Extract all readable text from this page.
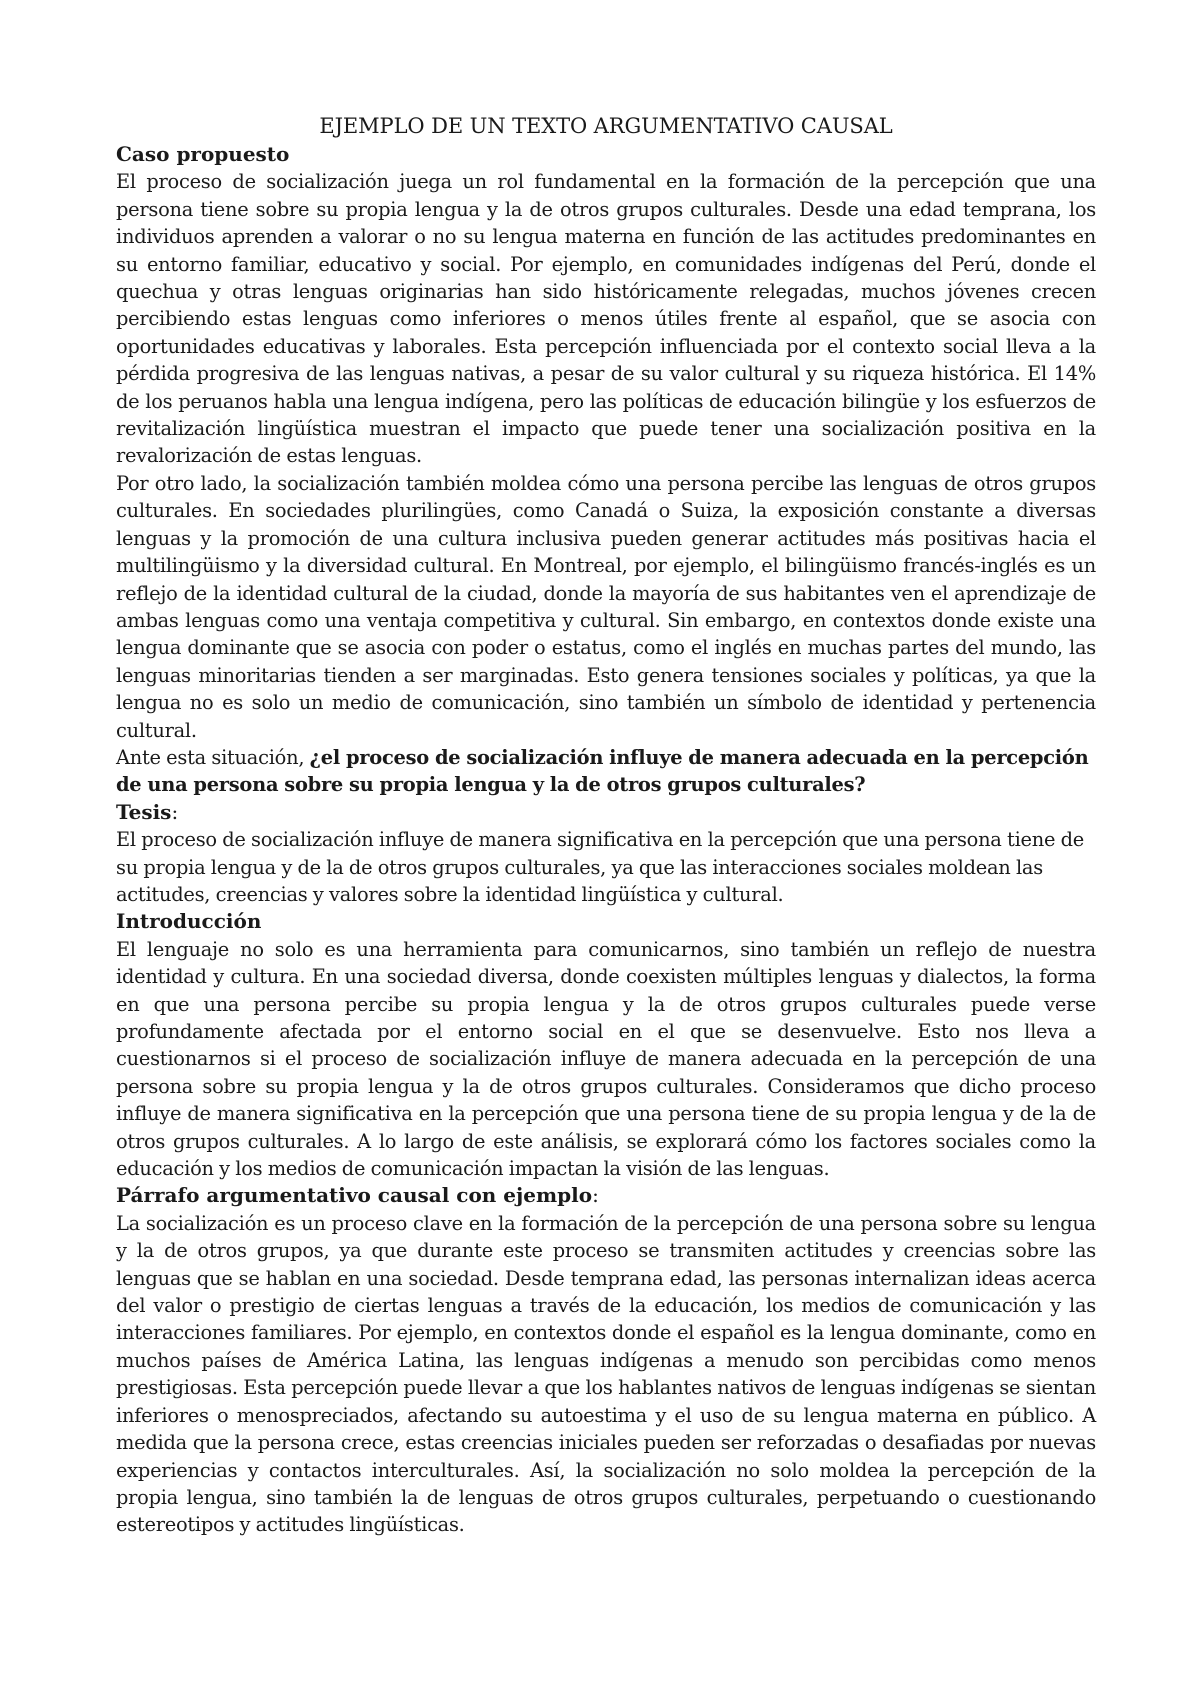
EJEMPLO DE UN TEXTO ARGUMENTATIVO CAUSAL

Caso propuesto

El proceso de socialización juega un rol fundamental en la formación de la percepción que una persona tiene sobre su propia lengua y la de otros grupos culturales. Desde una edad temprana, los individuos aprenden a valorar o no su lengua materna en función de las actitudes predominantes en su entorno familiar, educativo y social. Por ejemplo, en comunidades indígenas del Perú, donde el quechua y otras lenguas originarias han sido históricamente relegadas, muchos jóvenes crecen percibiendo estas lenguas como inferiores o menos útiles frente al español, que se asocia con oportunidades educativas y laborales. Esta percepción influenciada por el contexto social lleva a la pérdida progresiva de las lenguas nativas, a pesar de su valor cultural y su riqueza histórica. El 14% de los peruanos habla una lengua indígena, pero las políticas de educación bilingüe y los esfuerzos de revitalización lingüística muestran el impacto que puede tener una socialización positiva en la revalorización de estas lenguas.

Por otro lado, la socialización también moldea cómo una persona percibe las lenguas de otros grupos culturales. En sociedades plurilingües, como Canadá o Suiza, la exposición constante a diversas lenguas y la promoción de una cultura inclusiva pueden generar actitudes más positivas hacia el multilingüismo y la diversidad cultural. En Montreal, por ejemplo, el bilingüismo francés-inglés es un reflejo de la identidad cultural de la ciudad, donde la mayoría de sus habitantes ven el aprendizaje de ambas lenguas como una ventaja competitiva y cultural. Sin embargo, en contextos donde existe una lengua dominante que se asocia con poder o estatus, como el inglés en muchas partes del mundo, las lenguas minoritarias tienden a ser marginadas. Esto genera tensiones sociales y políticas, ya que la lengua no es solo un medio de comunicación, sino también un símbolo de identidad y pertenencia cultural.

Ante esta situación, ¿el proceso de socialización influye de manera adecuada en la percepción de una persona sobre su propia lengua y la de otros grupos culturales?

Tesis:

El proceso de socialización influye de manera significativa en la percepción que una persona tiene de su propia lengua y de la de otros grupos culturales, ya que las interacciones sociales moldean las actitudes, creencias y valores sobre la identidad lingüística y cultural.

Introducción

El lenguaje no solo es una herramienta para comunicarnos, sino también un reflejo de nuestra identidad y cultura. En una sociedad diversa, donde coexisten múltiples lenguas y dialectos, la forma en que una persona percibe su propia lengua y la de otros grupos culturales puede verse profundamente afectada por el entorno social en el que se desenvuelve. Esto nos lleva a cuestionarnos si el proceso de socialización influye de manera adecuada en la percepción de una persona sobre su propia lengua y la de otros grupos culturales. Consideramos que dicho proceso influye de manera significativa en la percepción que una persona tiene de su propia lengua y de la de otros grupos culturales. A lo largo de este análisis, se explorará cómo los factores sociales como la educación y los medios de comunicación impactan la visión de las lenguas.

Párrafo argumentativo causal con ejemplo:

La socialización es un proceso clave en la formación de la percepción de una persona sobre su lengua y la de otros grupos, ya que durante este proceso se transmiten actitudes y creencias sobre las lenguas que se hablan en una sociedad. Desde temprana edad, las personas internalizan ideas acerca del valor o prestigio de ciertas lenguas a través de la educación, los medios de comunicación y las interacciones familiares. Por ejemplo, en contextos donde el español es la lengua dominante, como en muchos países de América Latina, las lenguas indígenas a menudo son percibidas como menos prestigiosas. Esta percepción puede llevar a que los hablantes nativos de lenguas indígenas se sientan inferiores o menospreciados, afectando su autoestima y el uso de su lengua materna en público. A medida que la persona crece, estas creencias iniciales pueden ser reforzadas o desafiadas por nuevas experiencias y contactos interculturales. Así, la socialización no solo moldea la percepción de la propia lengua, sino también la de lenguas de otros grupos culturales, perpetuando o cuestionando estereotipos y actitudes lingüísticas.
